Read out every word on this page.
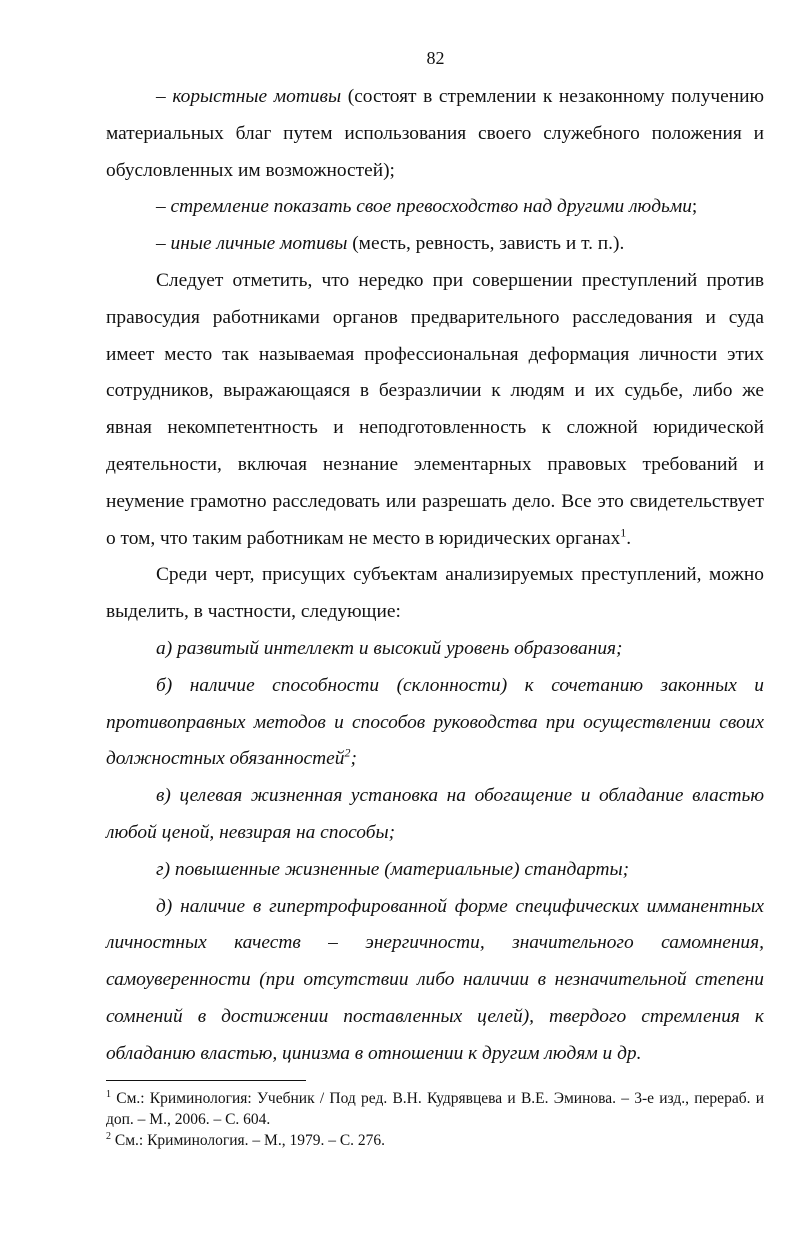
82

– корыстные мотивы (состоят в стремлении к незаконному получению материальных благ путем использования своего служебного положения и обусловленных им возможностей);

– стремление показать свое превосходство над другими людьми;

– иные личные мотивы (месть, ревность, зависть и т. п.).

Следует отметить, что нередко при совершении преступлений против правосудия работниками органов предварительного расследования и суда имеет место так называемая профессиональная деформация личности этих сотрудников, выражающаяся в безразличии к людям и их судьбе, либо же явная некомпетентность и неподготовленность к сложной юридической деятельности, включая незнание элементарных правовых требований и неумение грамотно расследовать или разрешать дело. Все это свидетельствует о том, что таким работникам не место в юридических органах$^1$.

Среди черт, присущих субъектам анализируемых преступлений, можно выделить, в частности, следующие:

а) развитый интеллект и высокий уровень образования;

б) наличие способности (склонности) к сочетанию законных и противоправных методов и способов руководства при осуществлении своих должностных обязанностей$^2$;

в) целевая жизненная установка на обогащение и обладание властью любой ценой, невзирая на способы;

г) повышенные жизненные (материальные) стандарты;

д) наличие в гипертрофированной форме специфических имманентных личностных качеств – энергичности, значительного самомнения, самоуверенности (при отсутствии либо наличии в незначительной степени сомнений в достижении поставленных целей), твердого стремления к обладанию властью, цинизма в отношении к другим людям и др.

$^1$ См.: Криминология: Учебник / Под ред. В.Н. Кудрявцева и В.Е. Эминова. – 3-е изд., перераб. и доп. – М., 2006. – С. 604.

$^2$ См.: Криминология. – М., 1979. – С. 276.
